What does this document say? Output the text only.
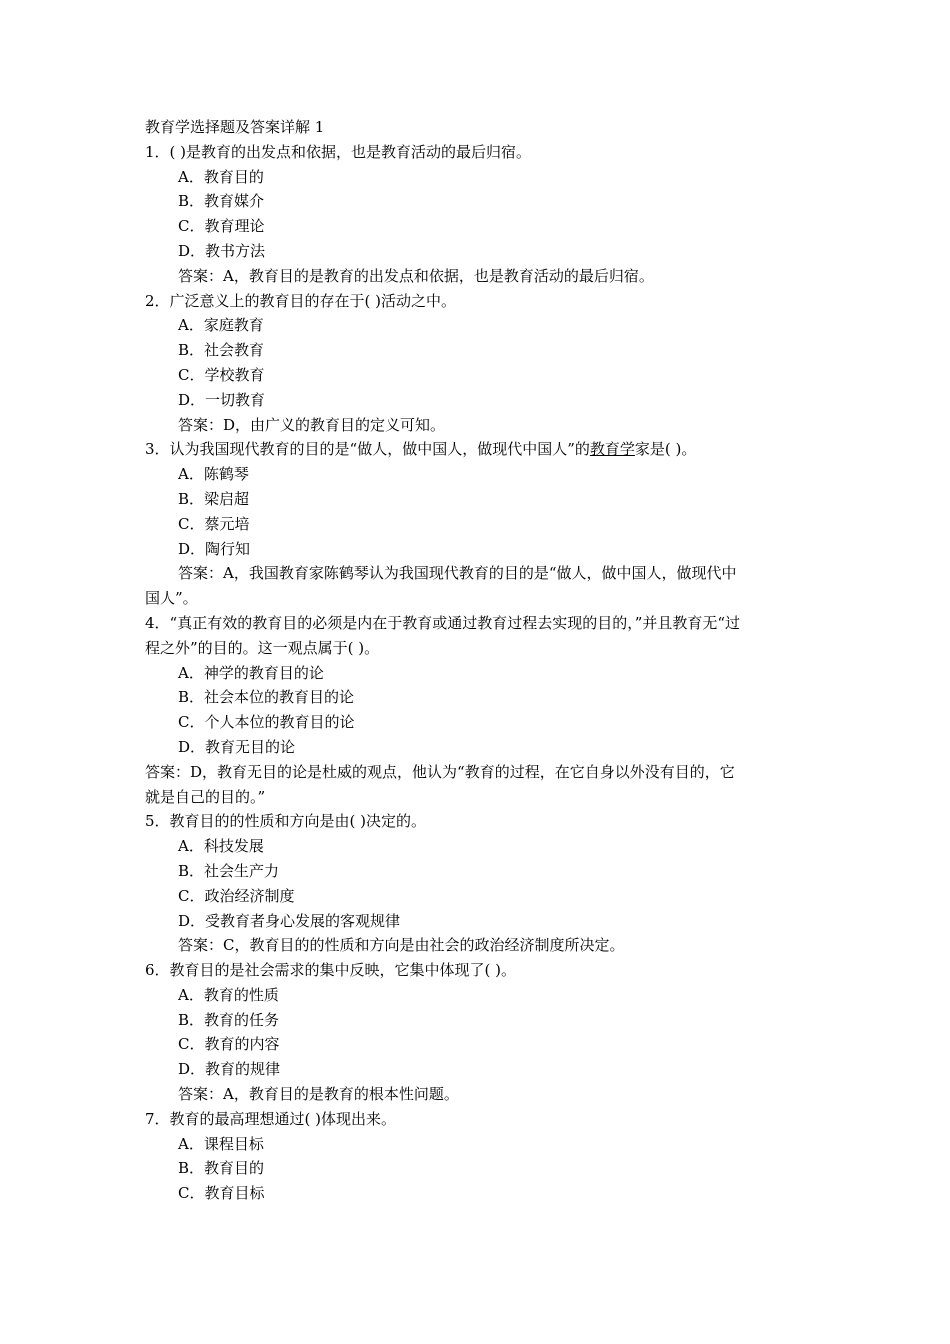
教育学选择题及答案详解 1
1．( )是教育的出发点和依据，也是教育活动的最后归宿。
A．教育目的
B．教育媒介
C．教育理论
D．教书方法
答案：A，教育目的是教育的出发点和依据，也是教育活动的最后归宿。
2．广泛意义上的教育目的存在于( )活动之中。
A．家庭教育
B．社会教育
C．学校教育
D．一切教育
答案：D，由广义的教育目的定义可知。
3．认为我国现代教育的目的是“做人，做中国人，做现代中国人”的教育学家是( )。
A．陈鹤琴
B．梁启超
C．蔡元培
D．陶行知
答案：A，我国教育家陈鹤琴认为我国现代教育的目的是“做人，做中国人，做现代中
国人”。
4．“真正有效的教育目的必须是内在于教育或通过教育过程去实现的目的，”并且教育无“过
程之外”的目的。这一观点属于( )。
A．神学的教育目的论
B．社会本位的教育目的论
C．个人本位的教育目的论
D．教育无目的论
答案：D，教育无目的论是杜威的观点，他认为“教育的过程，在它自身以外没有目的，它
就是自己的目的。”
5．教育目的的性质和方向是由( )决定的。
A．科技发展
B．社会生产力
C．政治经济制度
D．受教育者身心发展的客观规律
答案：C，教育目的的性质和方向是由社会的政治经济制度所决定。
6．教育目的是社会需求的集中反映，它集中体现了( )。
A．教育的性质
B．教育的任务
C．教育的内容
D．教育的规律
答案：A，教育目的是教育的根本性问题。
7．教育的最高理想通过( )体现出来。
A．课程目标
B．教育目的
C．教育目标
